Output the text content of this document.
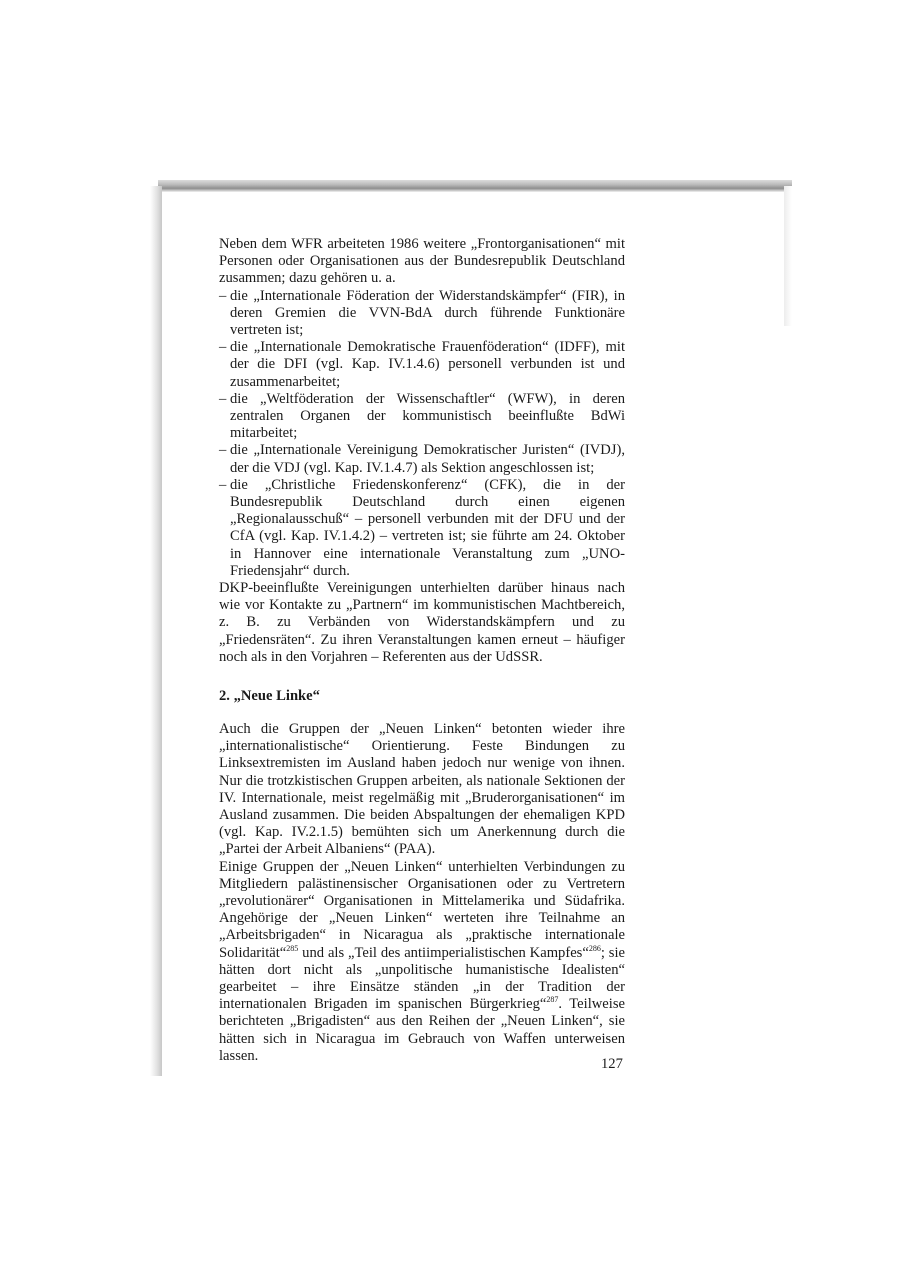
Neben dem WFR arbeiteten 1986 weitere „Frontorganisationen“ mit Personen oder Organisationen aus der Bundesrepublik Deutschland zusammen; dazu gehören u. a.

– die „Internationale Föderation der Widerstandskämpfer“ (FIR), in deren Gremien die VVN-BdA durch führende Funktionäre vertreten ist;
– die „Internationale Demokratische Frauenföderation“ (IDFF), mit der die DFI (vgl. Kap. IV.1.4.6) personell verbunden ist und zusammenarbeitet;
– die „Weltföderation der Wissenschaftler“ (WFW), in deren zentralen Organen der kommunistisch beeinflußte BdWi mitarbeitet;
– die „Internationale Vereinigung Demokratischer Juristen“ (IVDJ), der die VDJ (vgl. Kap. IV.1.4.7) als Sektion angeschlossen ist;
– die „Christliche Friedenskonferenz“ (CFK), die in der Bundesrepublik Deutschland durch einen eigenen „Regionalausschuß“ – personell verbunden mit der DFU und der CfA (vgl. Kap. IV.1.4.2) – vertreten ist; sie führte am 24. Oktober in Hannover eine internationale Veranstaltung zum „UNO-Friedensjahr“ durch.

DKP-beeinflußte Vereinigungen unterhielten darüber hinaus nach wie vor Kontakte zu „Partnern“ im kommunistischen Machtbereich, z. B. zu Verbänden von Widerstandskämpfern und zu „Friedensräten“. Zu ihren Veranstaltungen kamen erneut – häufiger noch als in den Vorjahren – Referenten aus der UdSSR.

2. „Neue Linke“

Auch die Gruppen der „Neuen Linken“ betonten wieder ihre „internationalistische“ Orientierung. Feste Bindungen zu Linksextremisten im Ausland haben jedoch nur wenige von ihnen. Nur die trotzkistischen Gruppen arbeiten, als nationale Sektionen der IV. Internationale, meist regelmäßig mit „Bruderorganisationen“ im Ausland zusammen. Die beiden Abspaltungen der ehemaligen KPD (vgl. Kap. IV.2.1.5) bemühten sich um Anerkennung durch die „Partei der Arbeit Albaniens“ (PAA).

Einige Gruppen der „Neuen Linken“ unterhielten Verbindungen zu Mitgliedern palästinensischer Organisationen oder zu Vertretern „revolutionärer“ Organisationen in Mittelamerika und Südafrika. Angehörige der „Neuen Linken“ werteten ihre Teilnahme an „Arbeitsbrigaden“ in Nicaragua als „praktische internationale Solidarität“$^{285}$ und als „Teil des antiimperialistischen Kampfes“$^{286}$; sie hätten dort nicht als „unpolitische humanistische Idealisten“ gearbeitet – ihre Einsätze ständen „in der Tradition der internationalen Brigaden im spanischen Bürgerkrieg“$^{287}$. Teilweise berichteten „Brigadisten“ aus den Reihen der „Neuen Linken“, sie hätten sich in Nicaragua im Gebrauch von Waffen unterweisen lassen.

127
